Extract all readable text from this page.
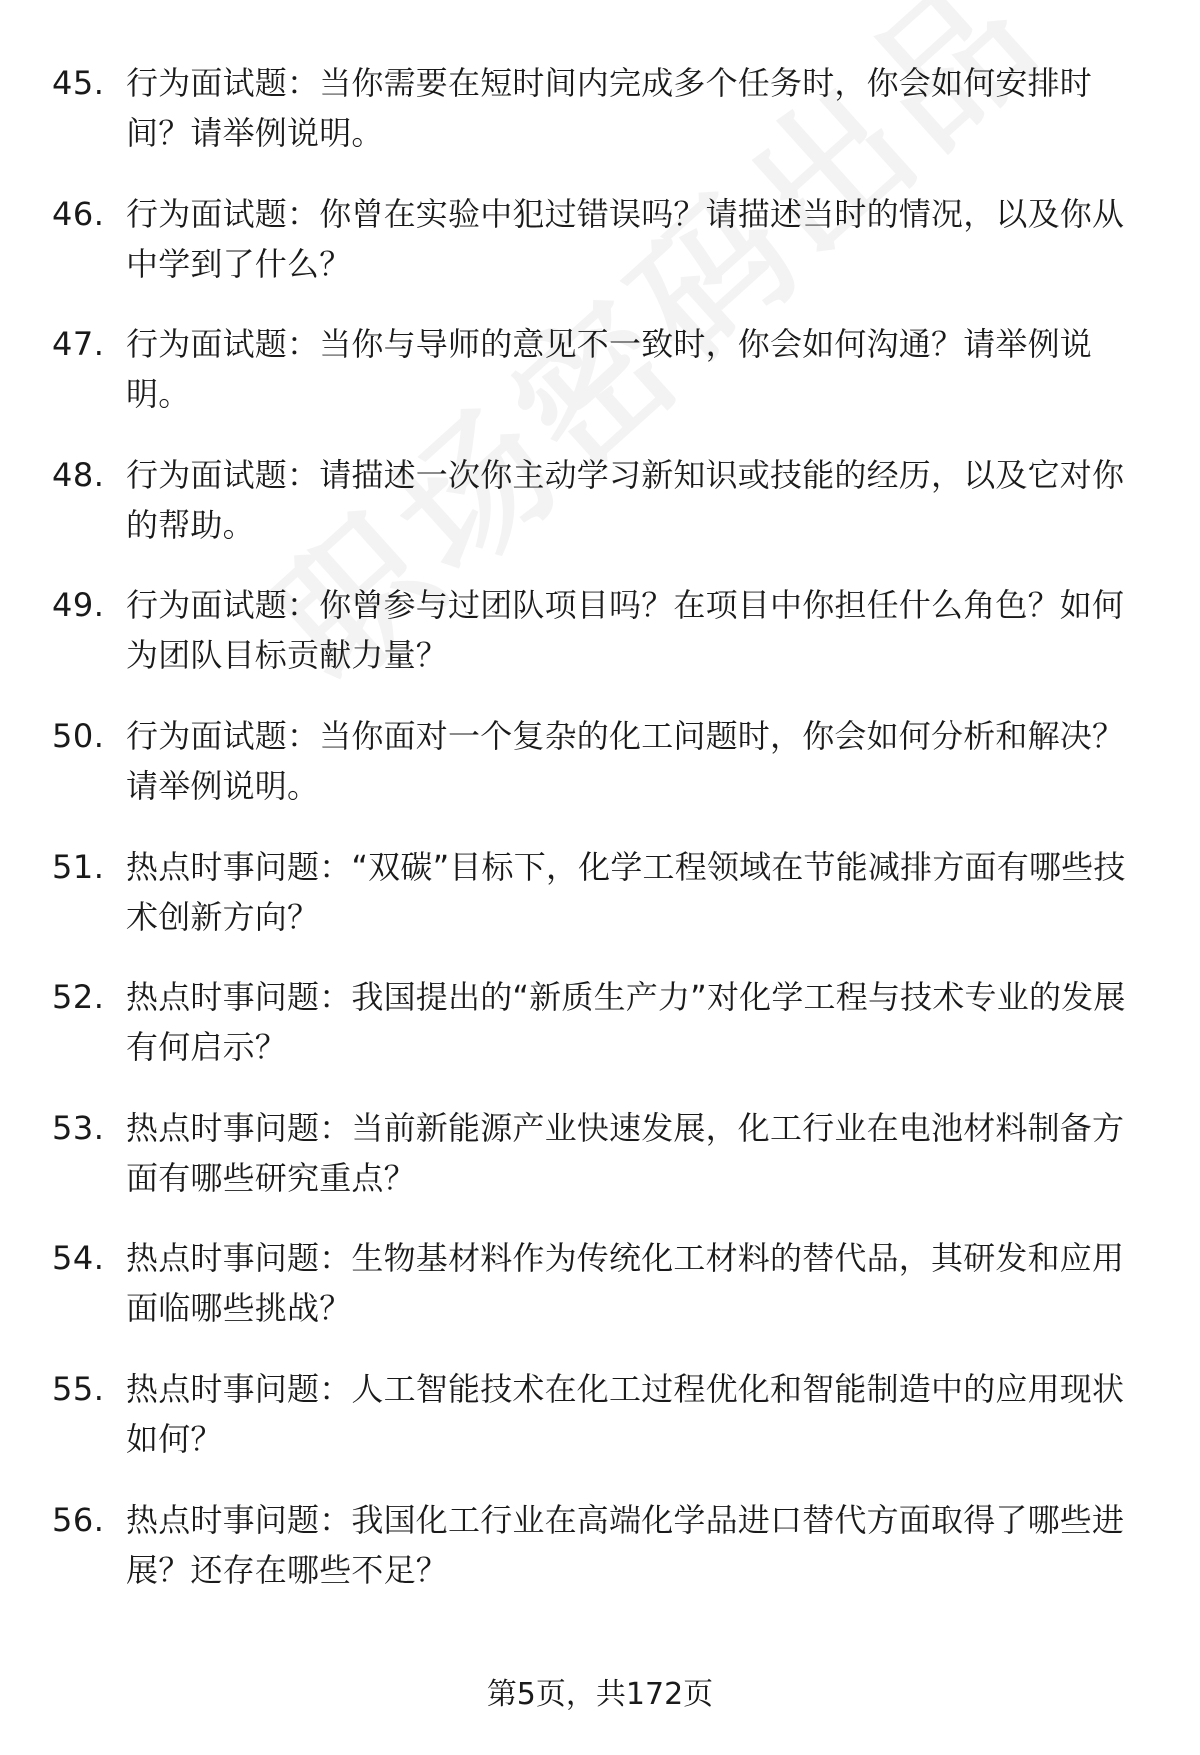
45. 行为面试题：当你需要在短时间内完成多个任务时，你会如何安排时间？请举例说明。
46. 行为面试题：你曾在实验中犯过错误吗？请描述当时的情况，以及你从中学到了什么？
47. 行为面试题：当你与导师的意见不一致时，你会如何沟通？请举例说明。
48. 行为面试题：请描述一次你主动学习新知识或技能的经历，以及它对你的帮助。
49. 行为面试题：你曾参与过团队项目吗？在项目中你担任什么角色？如何为团队目标贡献力量？
50. 行为面试题：当你面对一个复杂的化工问题时，你会如何分析和解决？请举例说明。
51. 热点时事问题：“双碳”目标下，化学工程领域在节能减排方面有哪些技术创新方向？
52. 热点时事问题：我国提出的“新质生产力”对化学工程与技术专业的发展有何启示？
53. 热点时事问题：当前新能源产业快速发展，化工行业在电池材料制备方面有哪些研究重点？
54. 热点时事问题：生物基材料作为传统化工材料的替代品，其研发和应用面临哪些挑战？
55. 热点时事问题：人工智能技术在化工过程优化和智能制造中的应用现状如何？
56. 热点时事问题：我国化工行业在高端化学品进口替代方面取得了哪些进展？还存在哪些不足？
第5页，共172页
